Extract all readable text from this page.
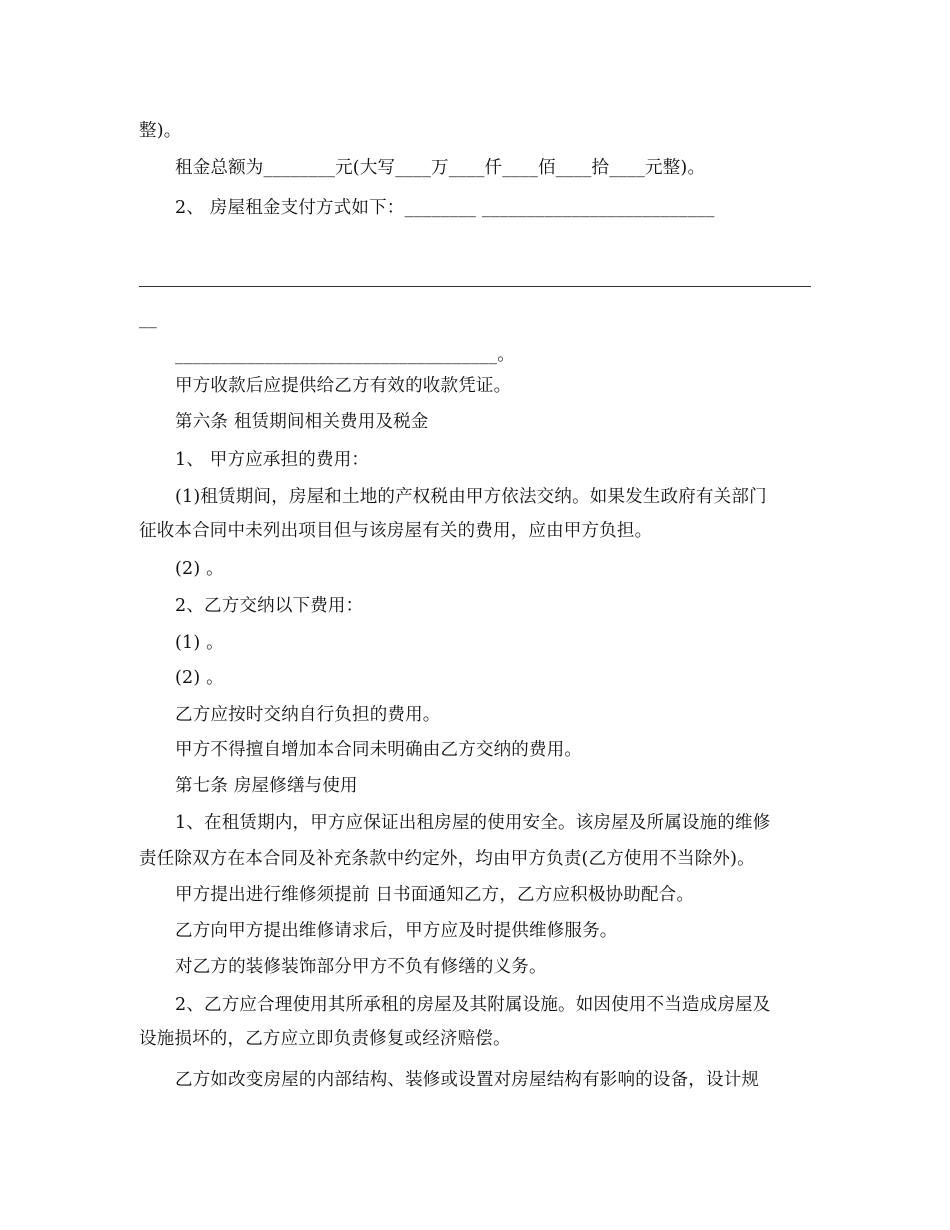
整)。
租金总额为________元(大写____万____仟____佰____拾____元整)。
2、 房屋租金支付方式如下：________ __________________________
__
____________________________________。
甲方收款后应提供给乙方有效的收款凭证。
第六条 租赁期间相关费用及税金
1、 甲方应承担的费用：
(1)租赁期间，房屋和土地的产权税由甲方依法交纳。如果发生政府有关部门
征收本合同中未列出项目但与该房屋有关的费用，应由甲方负担。
(2) 。
2、乙方交纳以下费用：
(1) 。
(2) 。
乙方应按时交纳自行负担的费用。
甲方不得擅自增加本合同未明确由乙方交纳的费用。
第七条 房屋修缮与使用
1、在租赁期内，甲方应保证出租房屋的使用安全。该房屋及所属设施的维修
责任除双方在本合同及补充条款中约定外，均由甲方负责(乙方使用不当除外)。
甲方提出进行维修须提前 日书面通知乙方，乙方应积极协助配合。
乙方向甲方提出维修请求后，甲方应及时提供维修服务。
对乙方的装修装饰部分甲方不负有修缮的义务。
2、乙方应合理使用其所承租的房屋及其附属设施。如因使用不当造成房屋及
设施损坏的，乙方应立即负责修复或经济赔偿。
乙方如改变房屋的内部结构、装修或设置对房屋结构有影响的设备，设计规
